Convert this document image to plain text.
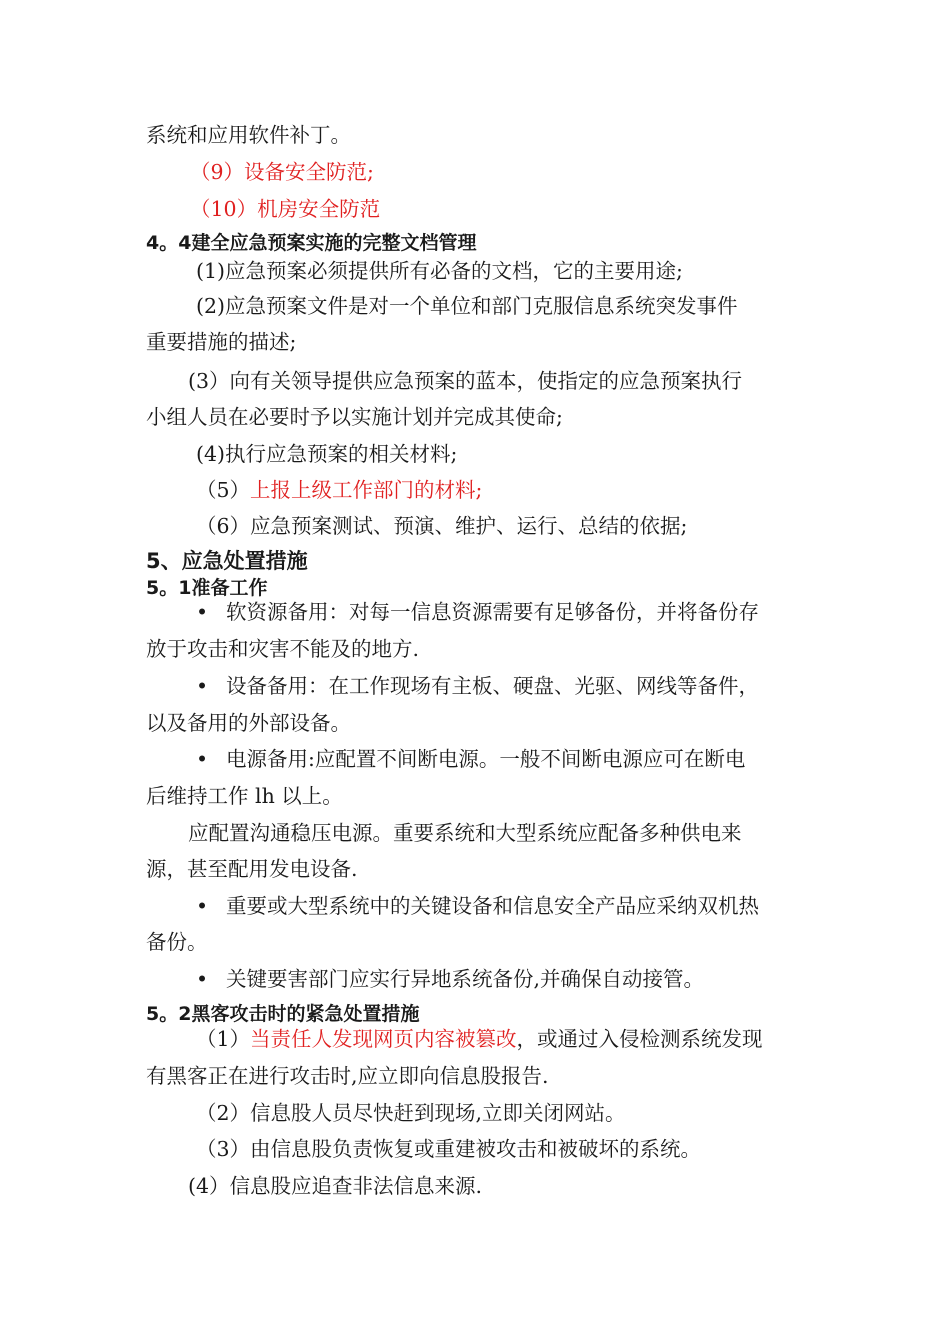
系统和应用软件补丁。
（9）设备安全防范;
（10）机房安全防范
4。4建全应急预案实施的完整文档管理
(1)应急预案必须提供所有必备的文档，它的主要用途;
(2)应急预案文件是对一个单位和部门克服信息系统突发事件
重要措施的描述;
(3）向有关领导提供应急预案的蓝本，使指定的应急预案执行
小组人员在必要时予以实施计划并完成其使命;
(4)执行应急预案的相关材料;
（5）上报上级工作部门的材料;
（6）应急预案测试、预演、维护、运行、总结的依据;
5、应急处置措施
5。1准备工作
• 软资源备用：对每一信息资源需要有足够备份，并将备份存
放于攻击和灾害不能及的地方.
• 设备备用：在工作现场有主板、硬盘、光驱、网线等备件，
以及备用的外部设备。
• 电源备用:应配置不间断电源。一般不间断电源应可在断电
后维持工作 lh 以上。
应配置沟通稳压电源。重要系统和大型系统应配备多种供电来
源，甚至配用发电设备.
• 重要或大型系统中的关键设备和信息安全产品应采纳双机热
备份。
• 关键要害部门应实行异地系统备份,并确保自动接管。
5。2黑客攻击时的紧急处置措施
（1）当责任人发现网页内容被篡改，或通过入侵检测系统发现
有黑客正在进行攻击时,应立即向信息股报告.
（2）信息股人员尽快赶到现场,立即关闭网站。
（3）由信息股负责恢复或重建被攻击和被破坏的系统。
(4）信息股应追查非法信息来源.
